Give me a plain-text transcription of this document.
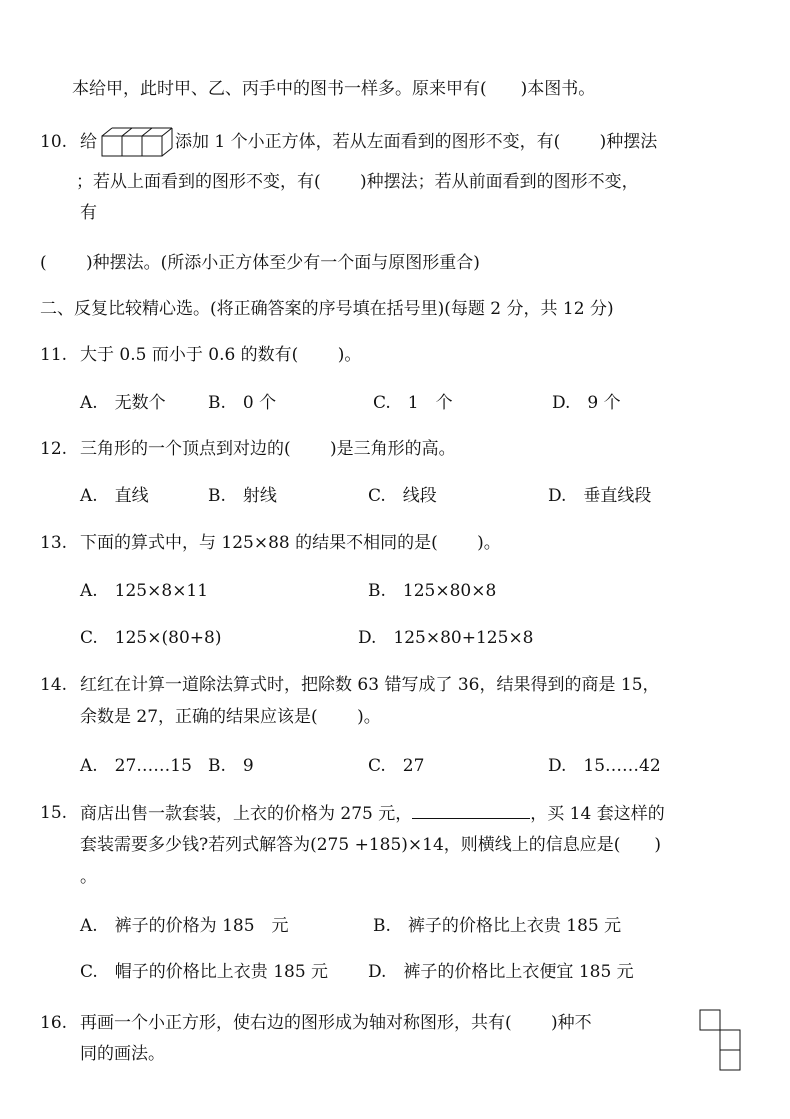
本给甲，此时甲、乙、丙手中的图书一样多。原来甲有(　　)本图书。
10. 给	添加 1 个小正方体，若从左面看到的图形不变，有(　　 )种摆法
；若从上面看到的图形不变，有(　　 )种摆法；若从前面看到的图形不变，
有
(　　 )种摆法。(所添小正方体至少有一个面与原图形重合)
二、反复比较精心选。(将正确答案的序号填在括号里)(每题 2 分，共 12 分)
11. 大于 0.5 而小于 0.6 的数有(　　 )。
A.　无数个 B.　0 个	C.　1　个	D.　9 个
12. 三角形的一个顶点到对边的(　　 )是三角形的高。
A.　直线	B.　射线	C.　线段	D.　垂直线段
13. 下面的算式中，与 125×88 的结果不相同的是(　　 )。
A.　125×8×11	B.　125×80×8
C.　125×(80+8)	D.　125×80+125×8
14. 红红在计算一道除法算式时，把除数 63 错写成了 36，结果得到的商是 15，
余数是 27，正确的结果应该是(　　 )。
A.　27……15 B.　9	C.　27	D.　15……42
15. 商店出售一款套装，上衣的价格为 275 元，	，买 14 套这样的
套装需要多少钱?若列式解答为(275 +185)×14，则横线上的信息应是(　　)
。
A.　裤子的价格为 185　元	B.　裤子的价格比上衣贵 185 元
C.　帽子的价格比上衣贵 185 元 D.　裤子的价格比上衣便宜 185 元
16. 再画一个小正方形，使右边的图形成为轴对称图形，共有(　　 )种不
同的画法。
